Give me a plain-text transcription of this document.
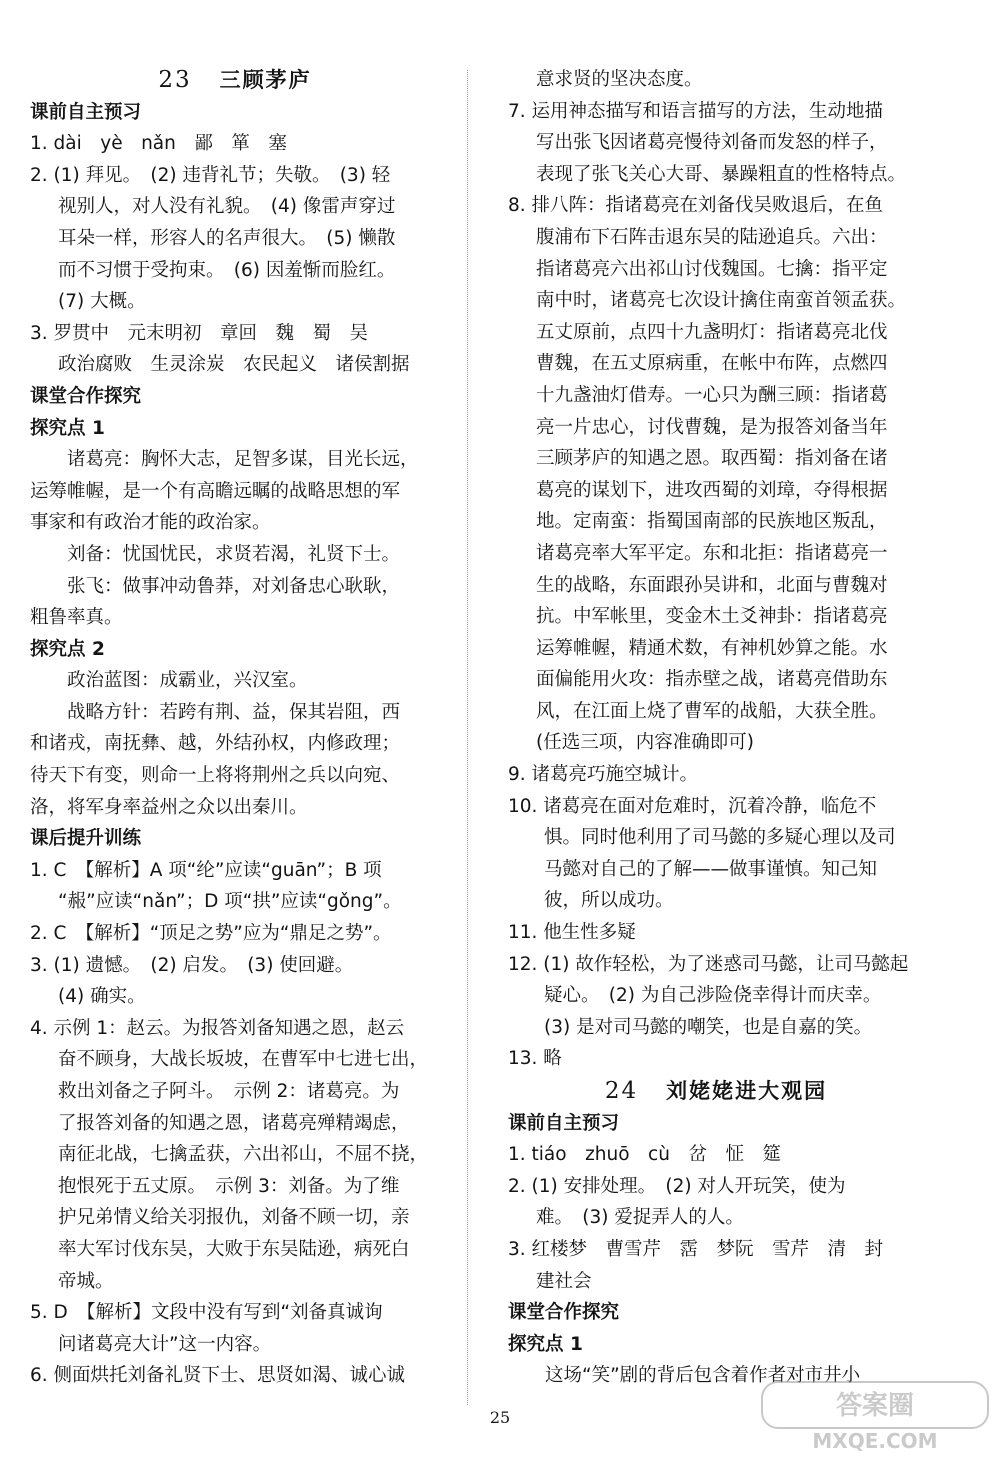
23 三顾茅庐
课前自主预习
1. dài　yè　nǎn　鄙　箪　塞
2. (1) 拜见。　(2) 违背礼节；失敬。　(3) 轻
视别人，对人没有礼貌。　(4) 像雷声穿过
耳朵一样，形容人的名声很大。　(5) 懒散
而不习惯于受拘束。　(6) 因羞惭而脸红。
(7) 大概。
3. 罗贯中　元末明初　章回　魏　蜀　吴
政治腐败　生灵涂炭　农民起义　诸侯割据
课堂合作探究
探究点 1
诸葛亮：胸怀大志，足智多谋，目光长远，
运筹帷幄，是一个有高瞻远瞩的战略思想的军
事家和有政治才能的政治家。
刘备：忧国忧民，求贤若渴，礼贤下士。
张飞：做事冲动鲁莽，对刘备忠心耿耿，
粗鲁率真。
探究点 2
政治蓝图：成霸业，兴汉室。
战略方针：若跨有荆、益，保其岩阻，西
和诸戎，南抚彝、越，外结孙权，内修政理；
待天下有变，则命一上将将荆州之兵以向宛、
洛，将军身率益州之众以出秦川。
课后提升训练
1. C　【解析】A 项“纶”应读“guān”；B 项
“赧”应读“nǎn”；D 项“拱”应读“gǒng”。
2. C　【解析】“顶足之势”应为“鼎足之势”。
3. (1) 遗憾。　(2) 启发。　(3) 使回避。
(4) 确实。
4. 示例 1：赵云。为报答刘备知遇之恩，赵云
奋不顾身，大战长坂坡，在曹军中七进七出，
救出刘备之子阿斗。　示例 2：诸葛亮。为
了报答刘备的知遇之恩，诸葛亮殚精竭虑，
南征北战，七擒孟获，六出祁山，不屈不挠，
抱恨死于五丈原。　示例 3：刘备。为了维
护兄弟情义给关羽报仇，刘备不顾一切，亲
率大军讨伐东吴，大败于东吴陆逊，病死白
帝城。
5. D　【解析】文段中没有写到“刘备真诚询
问诸葛亮大计”这一内容。
6. 侧面烘托刘备礼贤下士、思贤如渴、诚心诚
意求贤的坚决态度。
7. 运用神态描写和语言描写的方法，生动地描
写出张飞因诸葛亮慢待刘备而发怒的样子，
表现了张飞关心大哥、暴躁粗直的性格特点。
8. 排八阵：指诸葛亮在刘备伐吴败退后，在鱼
腹浦布下石阵击退东吴的陆逊追兵。六出：
指诸葛亮六出祁山讨伐魏国。七擒：指平定
南中时，诸葛亮七次设计擒住南蛮首领孟获。
五丈原前，点四十九盏明灯：指诸葛亮北伐
曹魏，在五丈原病重，在帐中布阵，点燃四
十九盏油灯借寿。一心只为酬三顾：指诸葛
亮一片忠心，讨伐曹魏，是为报答刘备当年
三顾茅庐的知遇之恩。取西蜀：指刘备在诸
葛亮的谋划下，进攻西蜀的刘璋，夺得根据
地。定南蛮：指蜀国南部的民族地区叛乱，
诸葛亮率大军平定。东和北拒：指诸葛亮一
生的战略，东面跟孙吴讲和，北面与曹魏对
抗。中军帐里，变金木土爻神卦：指诸葛亮
运筹帷幄，精通术数，有神机妙算之能。水
面偏能用火攻：指赤壁之战，诸葛亮借助东
风，在江面上烧了曹军的战船，大获全胜。
(任选三项，内容准确即可)
9. 诸葛亮巧施空城计。
10. 诸葛亮在面对危难时，沉着冷静，临危不
惧。同时他利用了司马懿的多疑心理以及司
马懿对自己的了解——做事谨慎。知己知
彼，所以成功。
11. 他生性多疑
12. (1) 故作轻松，为了迷惑司马懿，让司马懿起
疑心。　(2) 为自己涉险侥幸得计而庆幸。
(3) 是对司马懿的嘲笑，也是自嘉的笑。
13. 略
24 刘姥姥进大观园
课前自主预习
1. tiáo　zhuō　cù　岔　怔　筵
2. (1) 安排处理。　(2) 对人开玩笑，使为
难。　(3) 爱捉弄人的人。
3. 红楼梦　曹雪芹　霑　梦阮　雪芹　清　封
建社会
课堂合作探究
探究点 1
这场“笑”剧的背后包含着作者对市井小
25	答案圈
MXQE.COM
